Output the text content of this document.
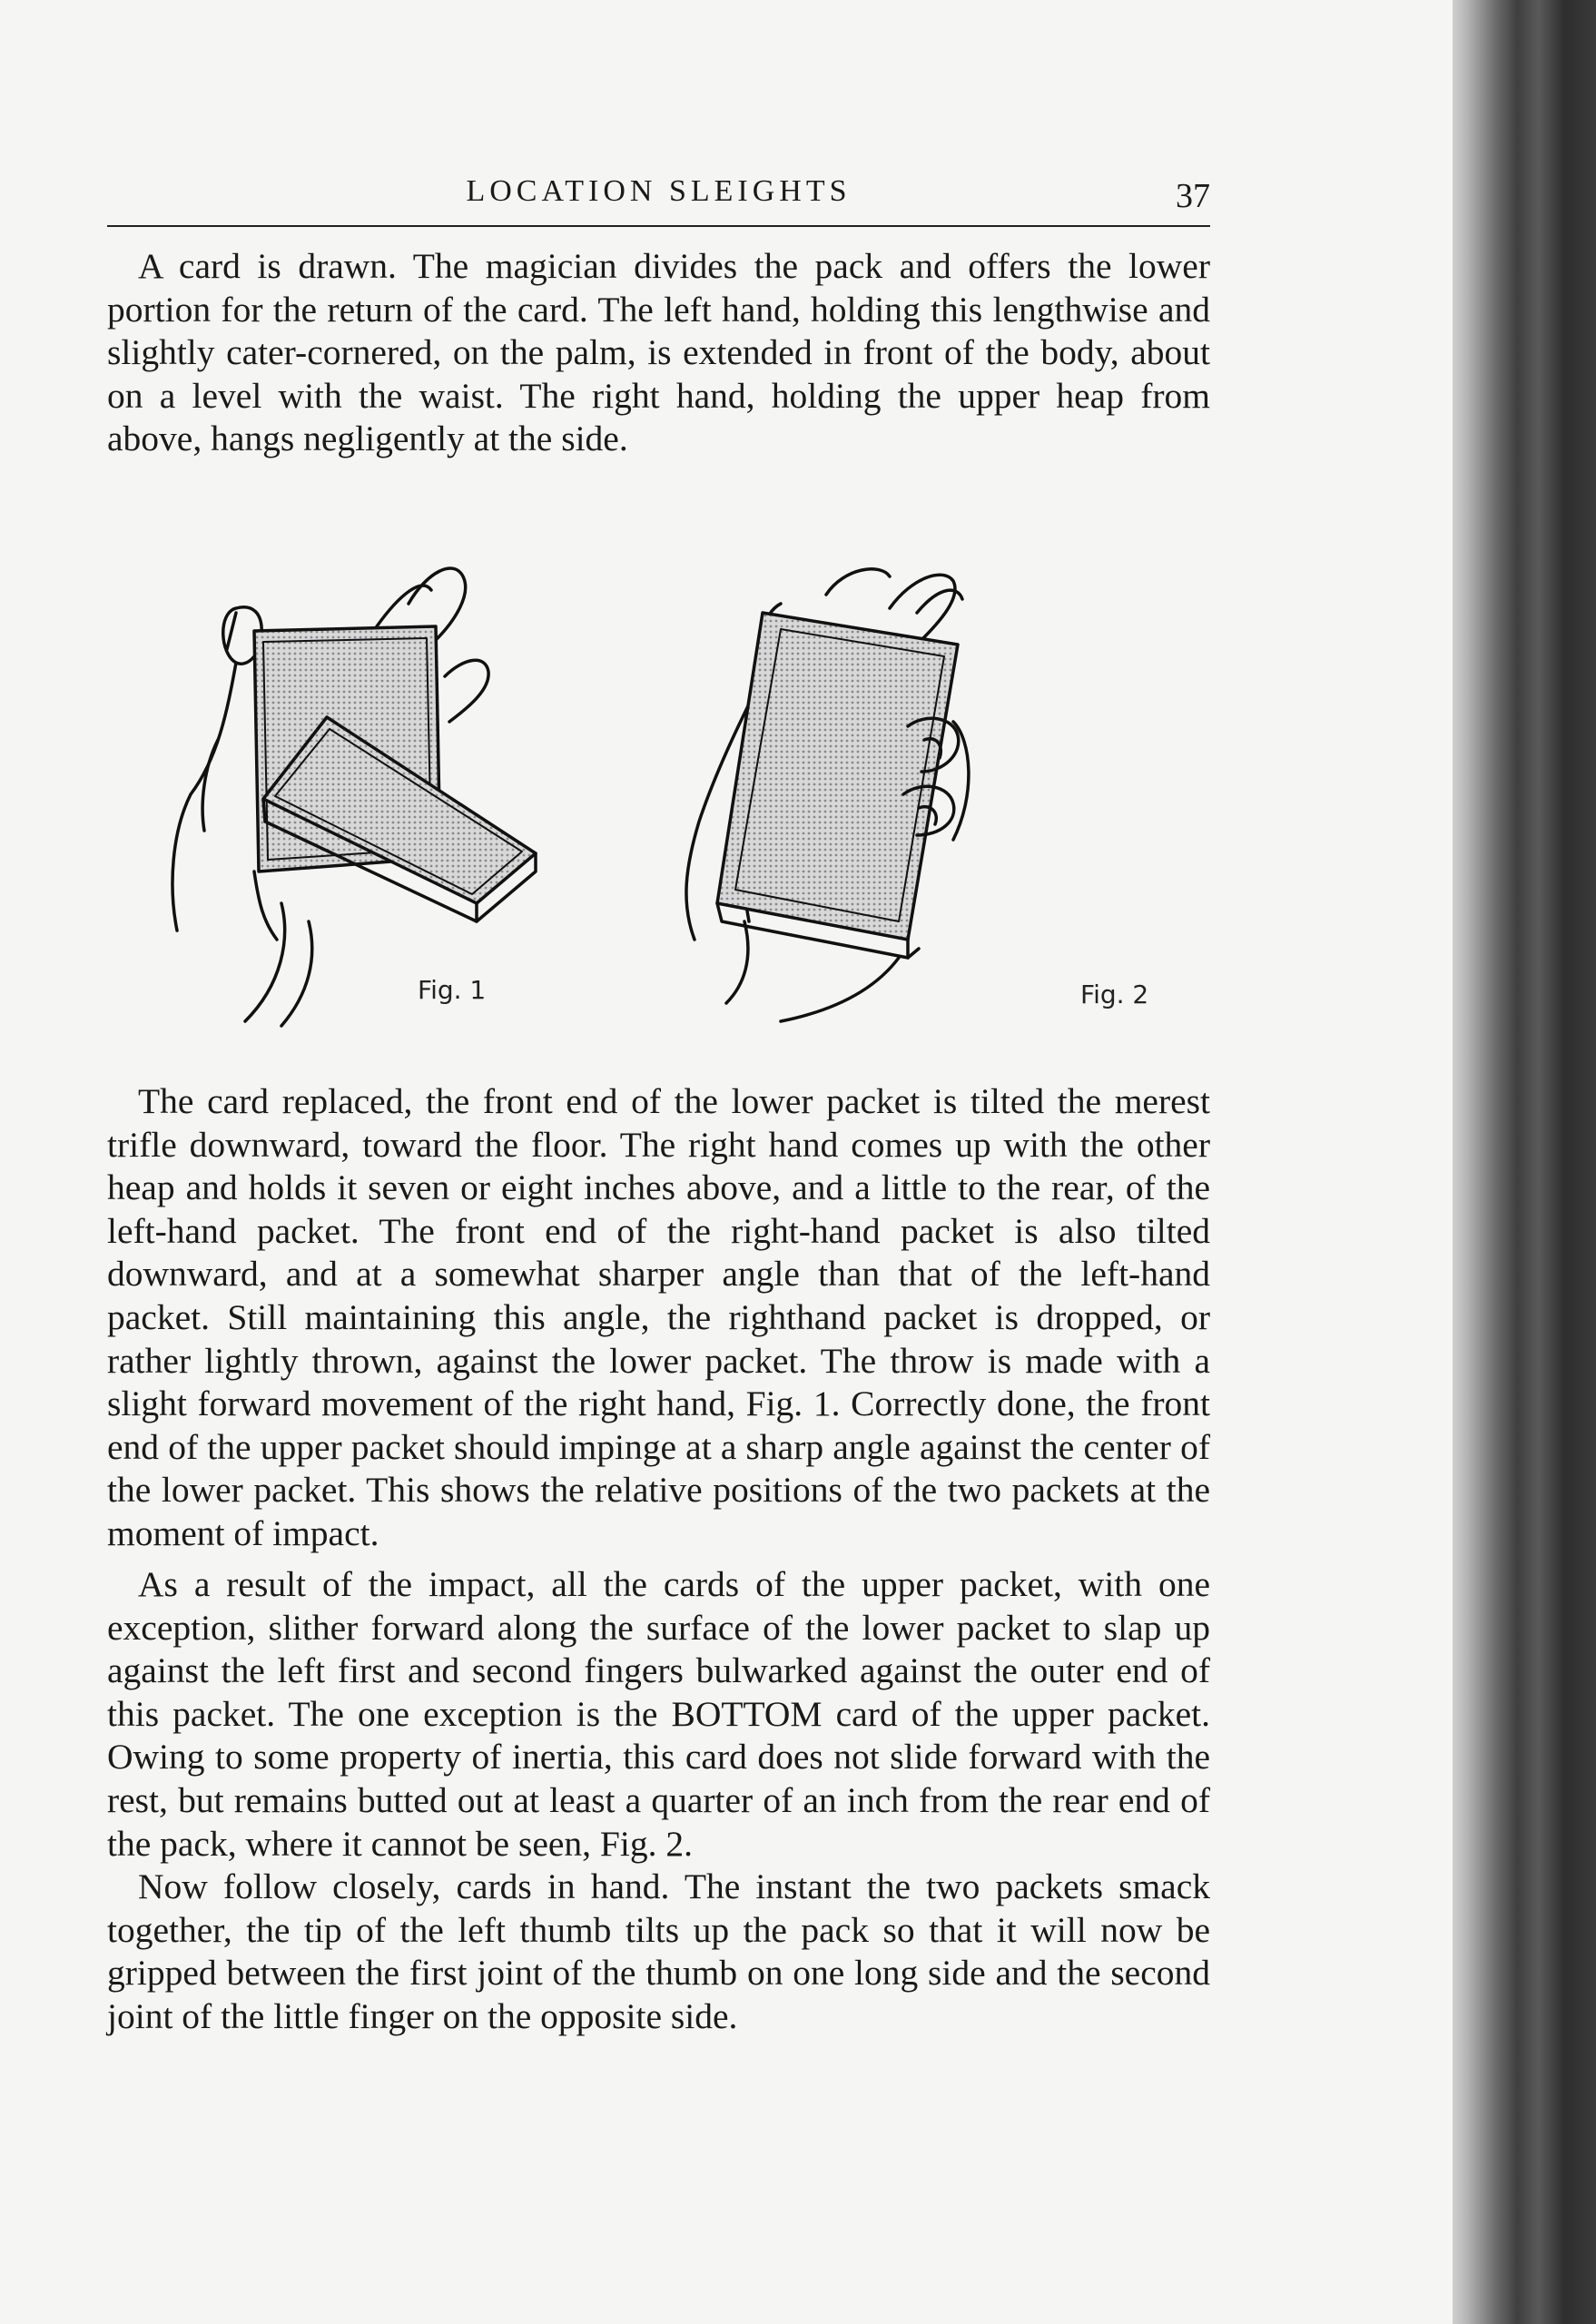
LOCATION SLEIGHTS	37

A card is drawn. The magician divides the pack and offers the lower portion for the return of the card. The left hand, holding this lengthwise and slightly cater-cornered, on the palm, is extended in front of the body, about on a level with the waist. The right hand, holding the upper heap from above, hangs negligently at the side.

Fig. 1	Fig. 2

The card replaced, the front end of the lower packet is tilted the merest trifle downward, toward the floor. The right hand comes up with the other heap and holds it seven or eight inches above, and a little to the rear, of the left-hand packet. The front end of the right-hand packet is also tilted downward, and at a somewhat sharper angle than that of the left-hand packet. Still maintaining this angle, the righthand packet is dropped, or rather lightly thrown, against the lower packet. The throw is made with a slight forward movement of the right hand, Fig. 1. Correctly done, the front end of the upper packet should impinge at a sharp angle against the center of the lower packet. This shows the relative positions of the two packets at the moment of impact.

As a result of the impact, all the cards of the upper packet, with one exception, slither forward along the surface of the lower packet to slap up against the left first and second fingers bulwarked against the outer end of this packet. The one exception is the BOTTOM card of the upper packet. Owing to some property of inertia, this card does not slide forward with the rest, but remains butted out at least a quarter of an inch from the rear end of the pack, where it cannot be seen, Fig. 2.

Now follow closely, cards in hand. The instant the two packets smack together, the tip of the left thumb tilts up the pack so that it will now be gripped between the first joint of the thumb on one long side and the second joint of the little finger on the opposite side.
